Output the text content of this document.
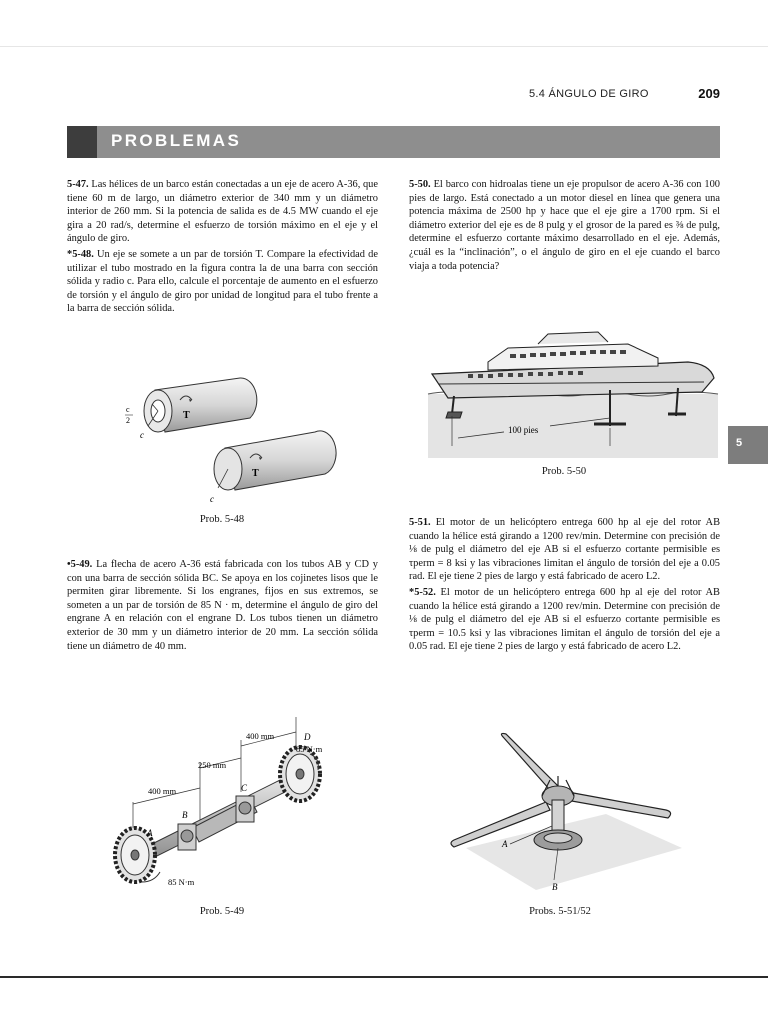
5.4 ÁNGULO DE GIRO	209
PROBLEMAS
5

5-47. Las hélices de un barco están conectadas a un eje de acero A-36, que tiene 60 m de largo, un diámetro exterior de 340 mm y un diámetro interior de 260 mm. Si la potencia de salida es de 4.5 MW cuando el eje gira a 20 rad/s, determine el esfuerzo de torsión máximo en el eje y el ángulo de giro.

*5-48. Un eje se somete a un par de torsión T. Compare la efectividad de utilizar el tubo mostrado en la figura contra la de una barra con sección sólida y radio c. Para ello, calcule el porcentaje de aumento en el esfuerzo de torsión y el ángulo de giro por unidad de longitud para el tubo frente a la barra de sección sólida.

T
c
2
c
T
c
Prob. 5-48

•5-49. La flecha de acero A-36 está fabricada con los tubos AB y CD y con una barra de sección sólida BC. Se apoya en los cojinetes lisos que le permiten girar libremente. Si los engranes, fijos en sus extremos, se someten a un par de torsión de 85 N · m, determine el ángulo de giro del engrane A en relación con el engrane D. Los tubos tienen un diámetro exterior de 30 mm y un diámetro interior de 20 mm. La sección sólida tiene un diámetro de 40 mm.

400 mm
250 mm
400 mm
A
B
C
D
85 N·m
85 N·m
Prob. 5-49

5-50. El barco con hidroalas tiene un eje propulsor de acero A-36 con 100 pies de largo. Está conectado a un motor diesel en línea que genera una potencia máxima de 2500 hp y hace que el eje gire a 1700 rpm. Si el diámetro exterior del eje es de 8 pulg y el grosor de la pared es ⅜ de pulg, determine el esfuerzo cortante máximo desarrollado en el eje. Además, ¿cuál es la “inclinación”, o el ángulo de giro en el eje cuando el barco viaja a toda potencia?

100 pies
Prob. 5-50

5-51. El motor de un helicóptero entrega 600 hp al eje del rotor AB cuando la hélice está girando a 1200 rev/min. Determine con precisión de ⅛ de pulg el diámetro del eje AB si el esfuerzo cortante permisible es τperm = 8 ksi y las vibraciones limitan el ángulo de torsión del eje a 0.05 rad. El eje tiene 2 pies de largo y está fabricado de acero L2.

*5-52. El motor de un helicóptero entrega 600 hp al eje del rotor AB cuando la hélice está girando a 1200 rev/min. Determine con precisión de ⅛ de pulg el diámetro del eje AB si el esfuerzo cortante permisible es τperm = 10.5 ksi y las vibraciones limitan el ángulo de torsión del eje a 0.05 rad. El eje tiene 2 pies de largo y está fabricado de acero L2.

A
B
Probs. 5-51/52
